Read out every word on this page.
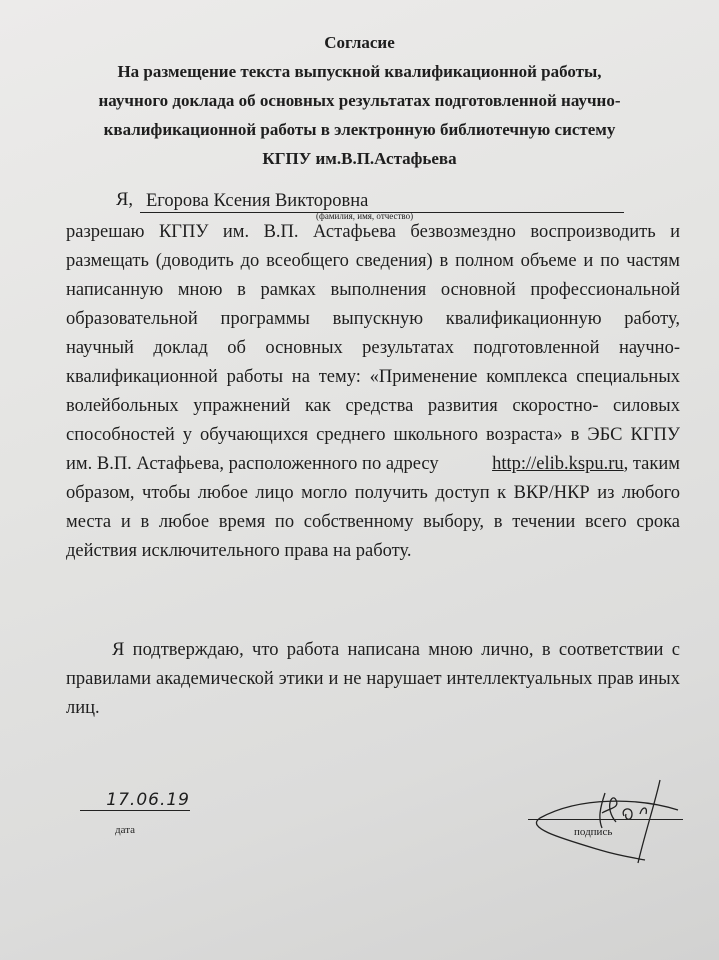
Согласие
На размещение текста выпускной квалификационной работы,
научного доклада об основных результатах подготовленной научно-
квалификационной работы в электронную библиотечную систему
КГПУ им.В.П.Астафьева
Я, Егорова Ксения Викторовна
(фамилия, имя, отчество)
разрешаю КГПУ им. В.П. Астафьева безвозмездно воспроизводить и
размещать (доводить до всеобщего сведения) в полном объеме и по частям
написанную мною в рамках выполнения основной профессиональной
образовательной программы выпускную квалификационную работу,
научный доклад об основных результатах подготовленной научно-
квалификационной работы на тему: «Применение комплекса специальных
волейбольных упражнений как средства развития скоростно- силовых
способностей у обучающихся среднего школьного возраста» в ЭБС КГПУ
им. В.П. Астафьева, расположенного по адресу	http://elib.kspu.ru, таким
образом, чтобы любое лицо могло получить доступ к ВКР/НКР из любого
места и в любое время по собственному выбору, в течении всего срока
действия исключительного права на работу.
Я подтверждаю, что работа написана мною лично, в соответствии с
правилами академической этики и не нарушает интеллектуальных прав иных
лиц.
17.06.19
дата	подпись
